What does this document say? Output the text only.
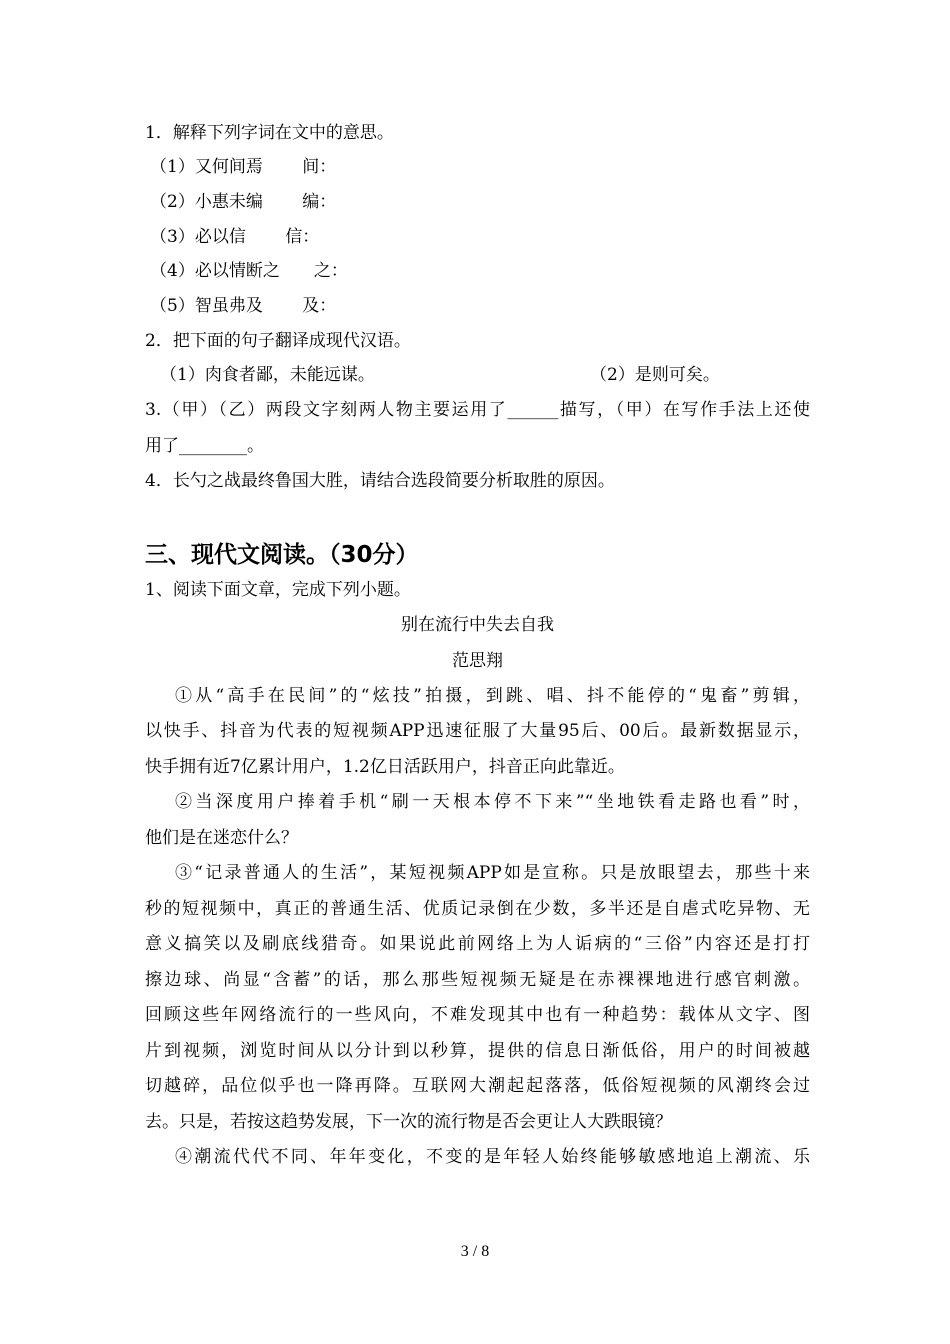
1．解释下列字词在文中的意思。
（1）又何间焉　　 间：
（2）小惠未编　　 编：
（3）必以信　　 信：
（4）必以情断之　　之：
（5）智虽弗及　　 及：
2．把下面的句子翻译成现代汉语。
（1）肉食者鄙，未能远谋。	（2）是则可矣。
3.（甲）（乙）两段文字刻两人物主要运用了______描写，（甲）在写作手法上还使
用了________。
4．长勺之战最终鲁国大胜，请结合选段简要分析取胜的原因。
三、现代文阅读。（30分）
1、阅读下面文章，完成下列小题。
别在流行中失去自我
范思翔
①从“高手在民间”的“炫技”拍摄，到跳、唱、抖不能停的“鬼畜”剪辑，
以快手、抖音为代表的短视频APP迅速征服了大量95后、00后。最新数据显示，
快手拥有近7亿累计用户，1.2亿日活跃用户，抖音正向此靠近。
②当深度用户捧着手机“刷一天根本停不下来”“坐地铁看走路也看”时，
他们是在迷恋什么？
③“记录普通人的生活”，某短视频APP如是宣称。只是放眼望去，那些十来
秒的短视频中，真正的普通生活、优质记录倒在少数，多半还是自虐式吃异物、无
意义搞笑以及刷底线猎奇。如果说此前网络上为人诟病的“三俗”内容还是打打
擦边球、尚显“含蓄”的话，那么那些短视频无疑是在赤裸裸地进行感官刺激。
回顾这些年网络流行的一些风向，不难发现其中也有一种趋势：载体从文字、图
片到视频，浏览时间从以分计到以秒算，提供的信息日渐低俗，用户的时间被越
切越碎，品位似乎也一降再降。互联网大潮起起落落，低俗短视频的风潮终会过
去。只是，若按这趋势发展，下一次的流行物是否会更让人大跌眼镜？
④潮流代代不同、年年变化，不变的是年轻人始终能够敏感地追上潮流、乐
3 / 8
